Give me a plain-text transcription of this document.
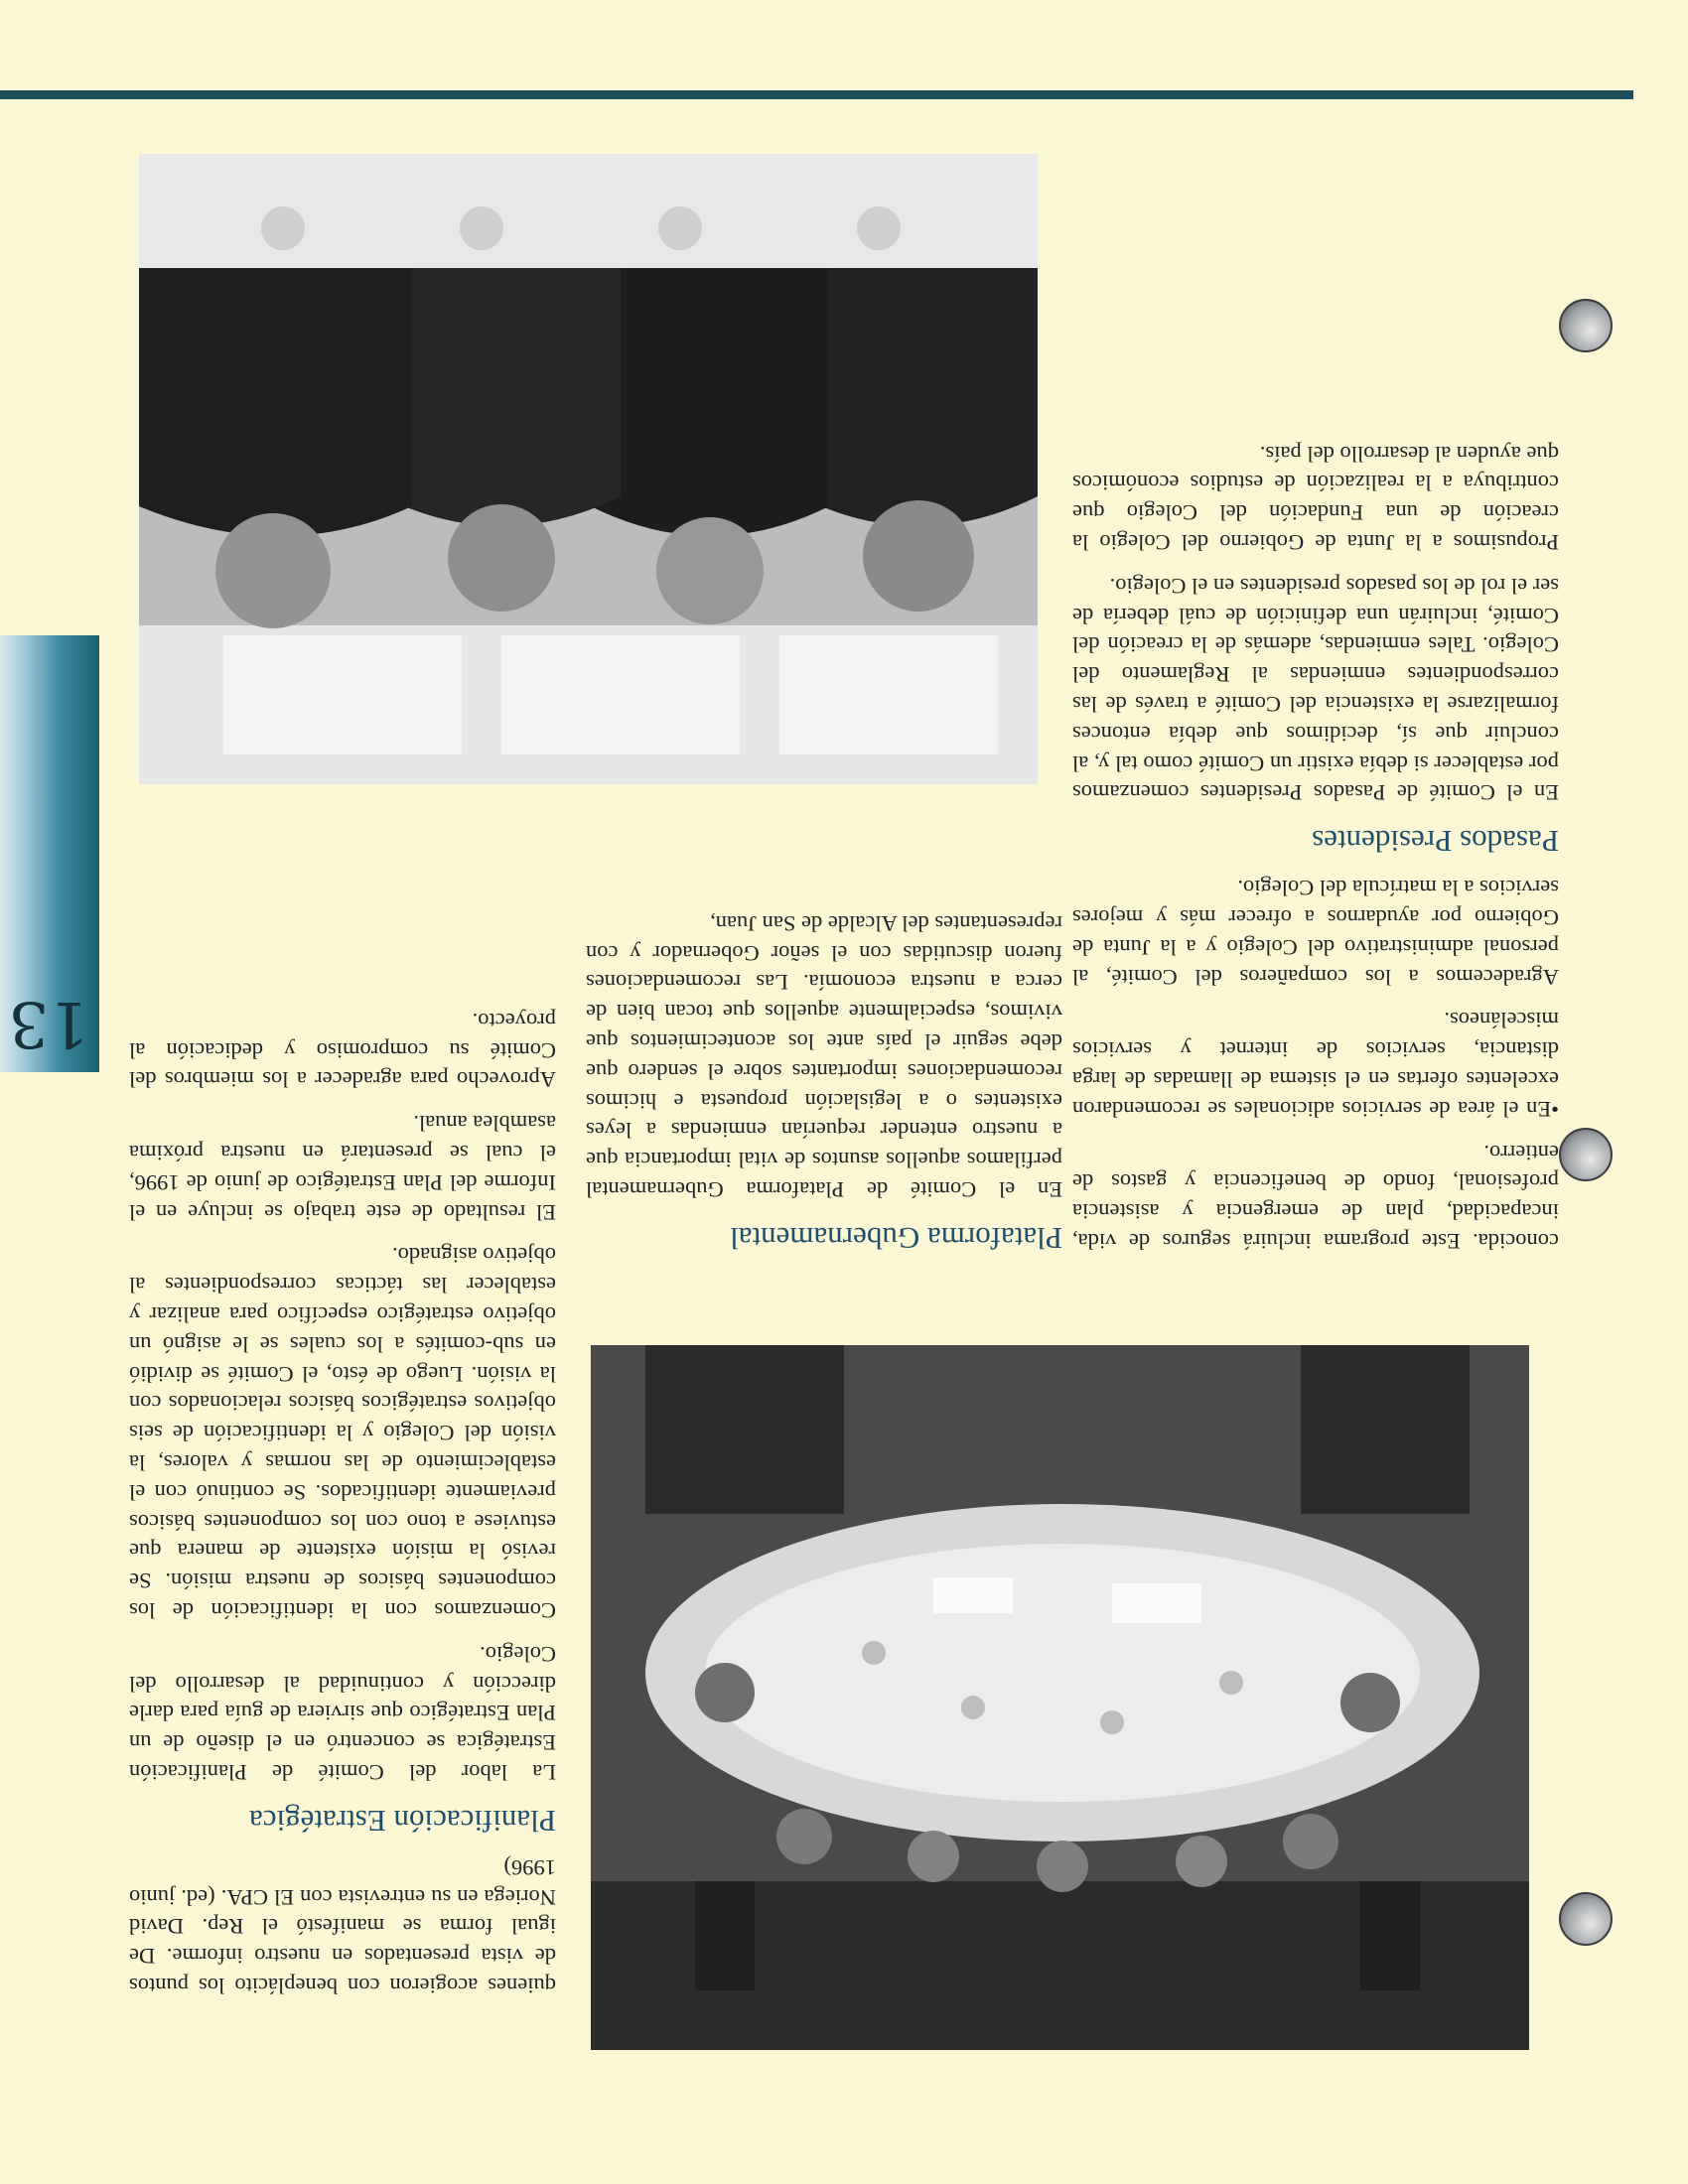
13

quienes acogieron con beneplácito los puntos de vista presentados en nuestro informe. De igual forma se manifestó el Rep. David Noriega en su entrevista con El CPA. (ed. junio 1996)

Planificación Estratégica

La labor del Comité de Planificación Estratégica se concentró en el diseño de un Plan Estratégico que sirviera de guía para darle dirección y continuidad al desarrollo del Colegio.

Comenzamos con la identificación de los componentes básicos de nuestra misión. Se revisó la misión existente de manera que estuviese a tono con los componentes básicos previamente identificados. Se continuó con el establecimiento de las normas y valores, la visión del Colegio y la identificación de seis objetivos estratégicos básicos relacionados con la visión. Luego de ésto, el Comité se dividió en sub-comités a los cuales se le asignó un objetivo estratégico específico para analizar y establecer las tácticas correspondientes al objetivo asignado.

El resultado de este trabajo se incluye en el Informe del Plan Estratégico de junio de 1996, el cual se presentará en nuestra próxima asamblea anual.

Aprovecho para agradecer a los miembros del Comité su compromiso y dedicación al proyecto.

Plataforma Gubernamental

En el Comité de Plataforma Gubernamental perfilamos aquellos asuntos de vital importancia que a nuestro entender requerían enmiendas a leyes existentes o a legislación propuesta e hicimos recomendaciones importantes sobre el sendero que debe seguir el país ante los acontecimientos que vivimos, especialmente aquellos que tocan bien de cerca a nuestra economía. Las recomendaciones fueron discutidas con el señor Gobernador y con representantes del Alcalde de San Juan,

conocida. Este programa incluirá seguros de vida, incapacidad, plan de emergencia y asistencia profesional, fondo de beneficencia y gastos de entierro.

•En el área de servicios adicionales se recomendaron excelentes ofertas en el sistema de llamadas de larga distancia, servicios de internet y servicios misceláneos.

Agradecemos a los compañeros del Comité, al personal administrativo del Colegio y a la Junta de Gobierno por ayudarnos a ofrecer más y mejores servicios a la matrícula del Colegio.

Pasados Presidentes

En el Comité de Pasados Presidentes comenzamos por establecer si debía existir un Comité como tal y, al concluir que sí, decidimos que debía entonces formalizarse la existencia del Comité a través de las correspondientes enmiendas al Reglamento del Colegio. Tales enmiendas, además de la creación del Comité, incluirán una definición de cuál debería de ser el rol de los pasados presidentes en el Colegio.

Propusimos a la Junta de Gobierno del Colegio la creación de una Fundación del Colegio que contribuya a la realización de estudios económicos que ayuden al desarrollo del país.
